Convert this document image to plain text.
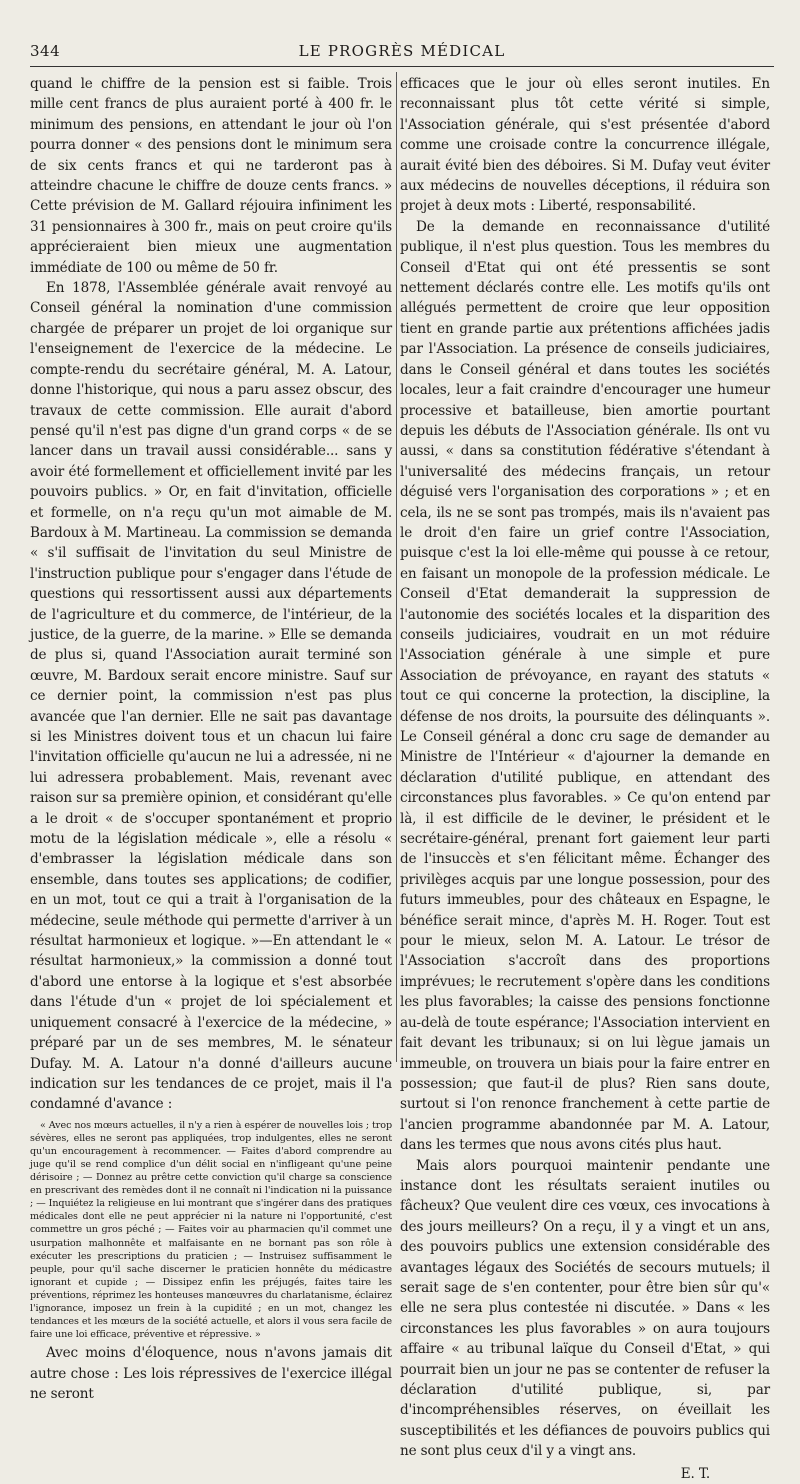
344	LE PROGRÈS MÉDICAL

quand le chiffre de la pension est si faible. Trois mille cent francs de plus auraient porté à 400 fr. le minimum des pensions, en attendant le jour où l'on pourra donner « des pensions dont le minimum sera de six cents francs et qui ne tarderont pas à atteindre chacune le chiffre de douze cents francs. » Cette prévision de M. Gallard réjouira infiniment les 31 pensionnaires à 300 fr., mais on peut croire qu'ils apprécieraient bien mieux une augmentation immédiate de 100 ou même de 50 fr.

En 1878, l'Assemblée générale avait renvoyé au Conseil général la nomination d'une commission chargée de préparer un projet de loi organique sur l'enseignement de l'exercice de la médecine. Le compte-rendu du secrétaire général, M. A. Latour, donne l'historique, qui nous a paru assez obscur, des travaux de cette commission. Elle aurait d'abord pensé qu'il n'est pas digne d'un grand corps « de se lancer dans un travail aussi considérable... sans y avoir été formellement et officiellement invité par les pouvoirs publics. » Or, en fait d'invitation, officielle et formelle, on n'a reçu qu'un mot aimable de M. Bardoux à M. Martineau. La commission se demanda « s'il suffisait de l'invitation du seul Ministre de l'instruction publique pour s'engager dans l'étude de questions qui ressortissent aussi aux départements de l'agriculture et du commerce, de l'intérieur, de la justice, de la guerre, de la marine. » Elle se demanda de plus si, quand l'Association aurait terminé son œuvre, M. Bardoux serait encore ministre. Sauf sur ce dernier point, la commission n'est pas plus avancée que l'an dernier. Elle ne sait pas davantage si les Ministres doivent tous et un chacun lui faire l'invitation officielle qu'aucun ne lui a adressée, ni ne lui adressera probablement. Mais, revenant avec raison sur sa première opinion, et considérant qu'elle a le droit « de s'occuper spontanément et proprio motu de la législation médicale », elle a résolu « d'embrasser la législation médicale dans son ensemble, dans toutes ses applications; de codifier, en un mot, tout ce qui a trait à l'organisation de la médecine, seule méthode qui permette d'arriver à un résultat harmonieux et logique. »—En attendant le « résultat harmonieux,» la commission a donné tout d'abord une entorse à la logique et s'est absorbée dans l'étude d'un « projet de loi spécialement et uniquement consacré à l'exercice de la médecine, » préparé par un de ses membres, M. le sénateur Dufay. M. A. Latour n'a donné d'ailleurs aucune indication sur les tendances de ce projet, mais il l'a condamné d'avance :

« Avec nos mœurs actuelles, il n'y a rien à espérer de nouvelles lois ; trop sévères, elles ne seront pas appliquées, trop indulgentes, elles ne seront qu'un encouragement à recommencer. — Faites d'abord comprendre au juge qu'il se rend complice d'un délit social en n'infligeant qu'une peine dérisoire ; — Donnez au prêtre cette conviction qu'il charge sa conscience en prescrivant des remèdes dont il ne connaît ni l'indication ni la puissance ; — Inquiétez la religieuse en lui montrant que s'ingérer dans des pratiques médicales dont elle ne peut apprécier ni la nature ni l'opportunité, c'est commettre un gros péché ; — Faites voir au pharmacien qu'il commet une usurpation malhonnête et malfaisante en ne bornant pas son rôle à exécuter les prescriptions du praticien ; — Instruisez suffisamment le peuple, pour qu'il sache discerner le praticien honnête du médicastre ignorant et cupide ; — Dissipez enfin les préjugés, faites taire les préventions, réprimez les honteuses manœuvres du charlatanisme, éclairez l'ignorance, imposez un frein à la cupidité ; en un mot, changez les tendances et les mœurs de la société actuelle, et alors il vous sera facile de faire une loi efficace, préventive et répressive. »

Avec moins d'éloquence, nous n'avons jamais dit autre chose : Les lois répressives de l'exercice illégal ne seront

efficaces que le jour où elles seront inutiles. En reconnaissant plus tôt cette vérité si simple, l'Association générale, qui s'est présentée d'abord comme une croisade contre la concurrence illégale, aurait évité bien des déboires. Si M. Dufay veut éviter aux médecins de nouvelles déceptions, il réduira son projet à deux mots : Liberté, responsabilité.

De la demande en reconnaissance d'utilité publique, il n'est plus question. Tous les membres du Conseil d'Etat qui ont été pressentis se sont nettement déclarés contre elle. Les motifs qu'ils ont allégués permettent de croire que leur opposition tient en grande partie aux prétentions affichées jadis par l'Association. La présence de conseils judiciaires, dans le Conseil général et dans toutes les sociétés locales, leur a fait craindre d'encourager une humeur processive et batailleuse, bien amortie pourtant depuis les débuts de l'Association générale. Ils ont vu aussi, « dans sa constitution fédérative s'étendant à l'universalité des médecins français, un retour déguisé vers l'organisation des corporations » ; et en cela, ils ne se sont pas trompés, mais ils n'avaient pas le droit d'en faire un grief contre l'Association, puisque c'est la loi elle-même qui pousse à ce retour, en faisant un monopole de la profession médicale. Le Conseil d'Etat demanderait la suppression de l'autonomie des sociétés locales et la disparition des conseils judiciaires, voudrait en un mot réduire l'Association générale à une simple et pure Association de prévoyance, en rayant des statuts « tout ce qui concerne la protection, la discipline, la défense de nos droits, la poursuite des délinquants ». Le Conseil général a donc cru sage de demander au Ministre de l'Intérieur « d'ajourner la demande en déclaration d'utilité publique, en attendant des circonstances plus favorables. » Ce qu'on entend par là, il est difficile de le deviner, le président et le secrétaire-général, prenant fort gaiement leur parti de l'insuccès et s'en félicitant même. Échanger des privilèges acquis par une longue possession, pour des futurs immeubles, pour des châteaux en Espagne, le bénéfice serait mince, d'après M. H. Roger. Tout est pour le mieux, selon M. A. Latour. Le trésor de l'Association s'accroît dans des proportions imprévues; le recrutement s'opère dans les conditions les plus favorables; la caisse des pensions fonctionne au-delà de toute espérance; l'Association intervient en fait devant les tribunaux; si on lui lègue jamais un immeuble, on trouvera un biais pour la faire entrer en possession; que faut-il de plus? Rien sans doute, surtout si l'on renonce franchement à cette partie de l'ancien programme abandonnée par M. A. Latour, dans les termes que nous avons cités plus haut.

Mais alors pourquoi maintenir pendante une instance dont les résultats seraient inutiles ou fâcheux? Que veulent dire ces vœux, ces invocations à des jours meilleurs? On a reçu, il y a vingt et un ans, des pouvoirs publics une extension considérable des avantages légaux des Sociétés de secours mutuels; il serait sage de s'en contenter, pour être bien sûr qu'« elle ne sera plus contestée ni discutée. » Dans « les circonstances les plus favorables » on aura toujours affaire « au tribunal laïque du Conseil d'Etat, » qui pourrait bien un jour ne pas se contenter de refuser la déclaration d'utilité publique, si, par d'incompréhensibles réserves, on éveillait les susceptibilités et les défiances de pouvoirs publics qui ne sont plus ceux d'il y a vingt ans.

E. T.
